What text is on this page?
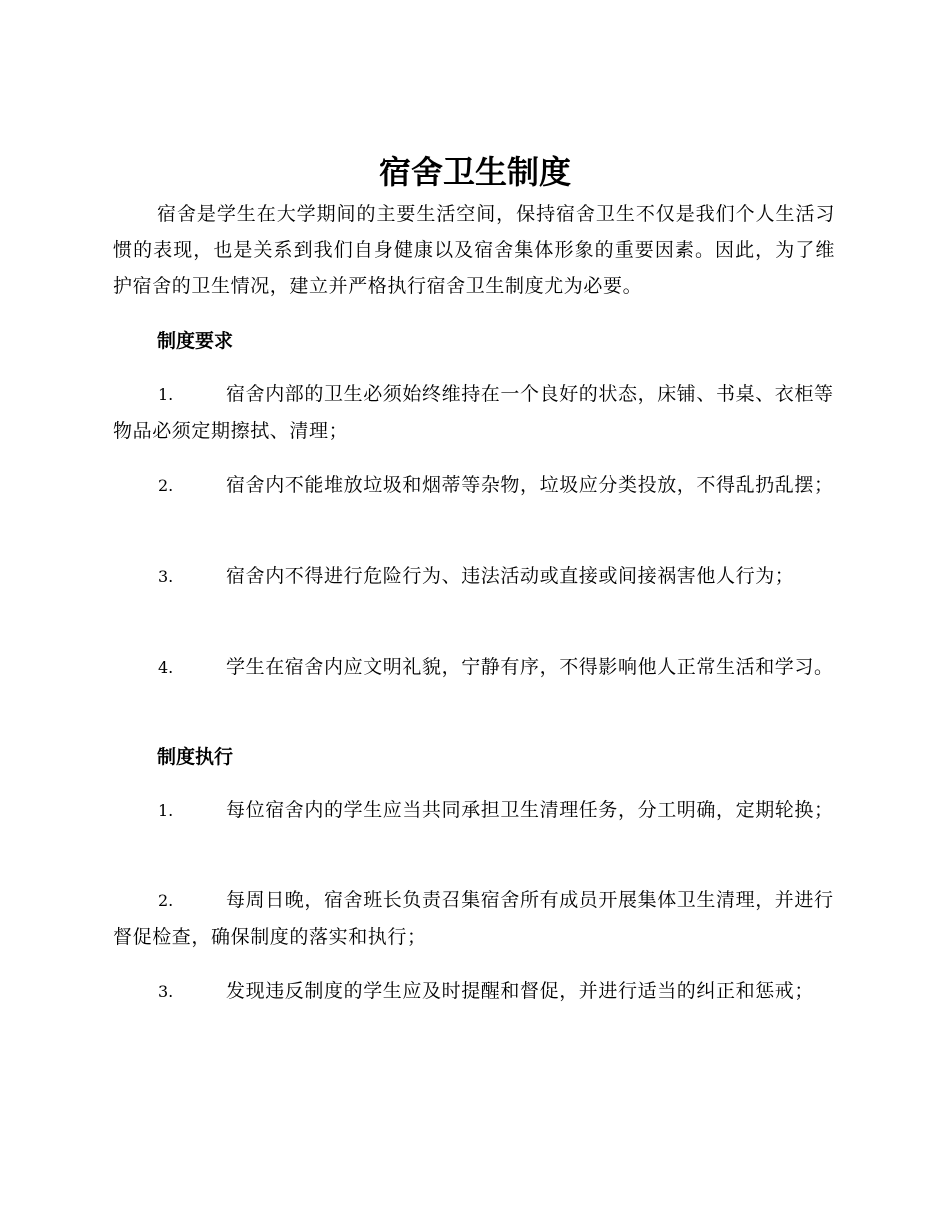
宿舍卫生制度

宿舍是学生在大学期间的主要生活空间，保持宿舍卫生不仅是我们个人生活习惯的表现，也是关系到我们自身健康以及宿舍集体形象的重要因素。因此，为了维护宿舍的卫生情况，建立并严格执行宿舍卫生制度尤为必要。

制度要求

1.	宿舍内部的卫生必须始终维持在一个良好的状态，床铺、书桌、衣柜等物品必须定期擦拭、清理；

2.	宿舍内不能堆放垃圾和烟蒂等杂物，垃圾应分类投放，不得乱扔乱摆；

3.	宿舍内不得进行危险行为、违法活动或直接或间接祸害他人行为；

4.	学生在宿舍内应文明礼貌，宁静有序，不得影响他人正常生活和学习。

制度执行

1.	每位宿舍内的学生应当共同承担卫生清理任务，分工明确，定期轮换；

2.	每周日晚，宿舍班长负责召集宿舍所有成员开展集体卫生清理，并进行督促检查，确保制度的落实和执行；

3.	发现违反制度的学生应及时提醒和督促，并进行适当的纠正和惩戒；
